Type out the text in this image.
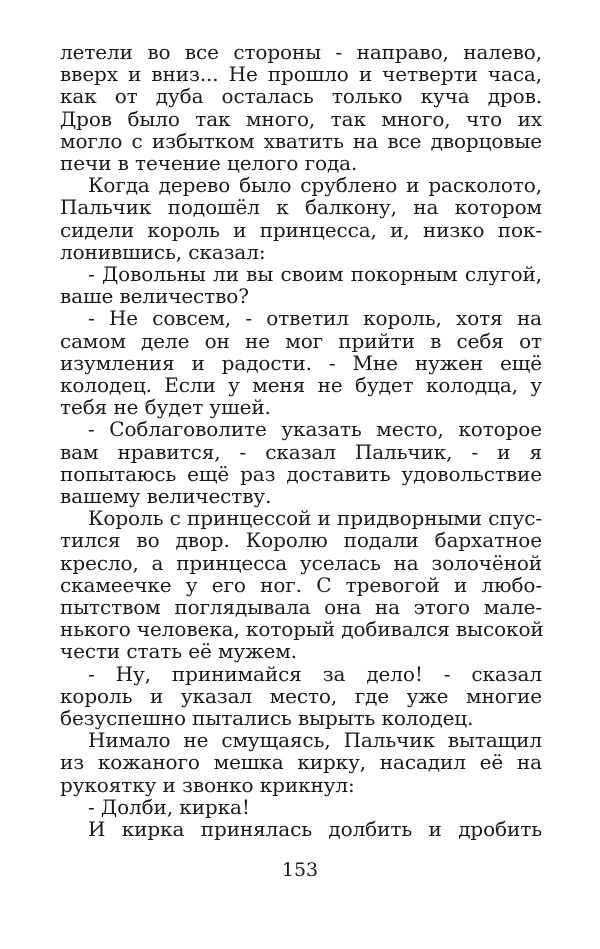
летели во все стороны - направо, налево,
вверх и вниз... Не прошло и четверти часа,
как от дуба осталась только куча дров.
Дров было так много, так много, что их
могло с избытком хватить на все дворцовые
печи в течение целого года.
Когда дерево было срублено и расколото,
Пальчик подошёл к балкону, на котором
сидели король и принцесса, и, низко пок-
лонившись, сказал:
- Довольны ли вы своим покорным слугой,
ваше величество?
- Не совсем, - ответил король, хотя на
самом деле он не мог прийти в себя от
изумления и радости. - Мне нужен ещё
колодец. Если у меня не будет колодца, у
тебя не будет ушей.
- Соблаговолите указать место, которое
вам нравится, - сказал Пальчик, - и я
попытаюсь ещё раз доставить удовольствие
вашему величеству.
Король с принцессой и придворными спус-
тился во двор. Королю подали бархатное
кресло, а принцесса уселась на золочёной
скамеечке у его ног. С тревогой и любо-
пытством поглядывала она на этого мале-
нького человека, который добивался высокой
чести стать её мужем.
- Ну, принимайся за дело! - сказал
король и указал место, где уже многие
безуспешно пытались вырыть колодец.
Нимало не смущаясь, Пальчик вытащил
из кожаного мешка кирку, насадил её на
рукоятку и звонко крикнул:
- Долби, кирка!
И кирка принялась долбить и дробить
153
